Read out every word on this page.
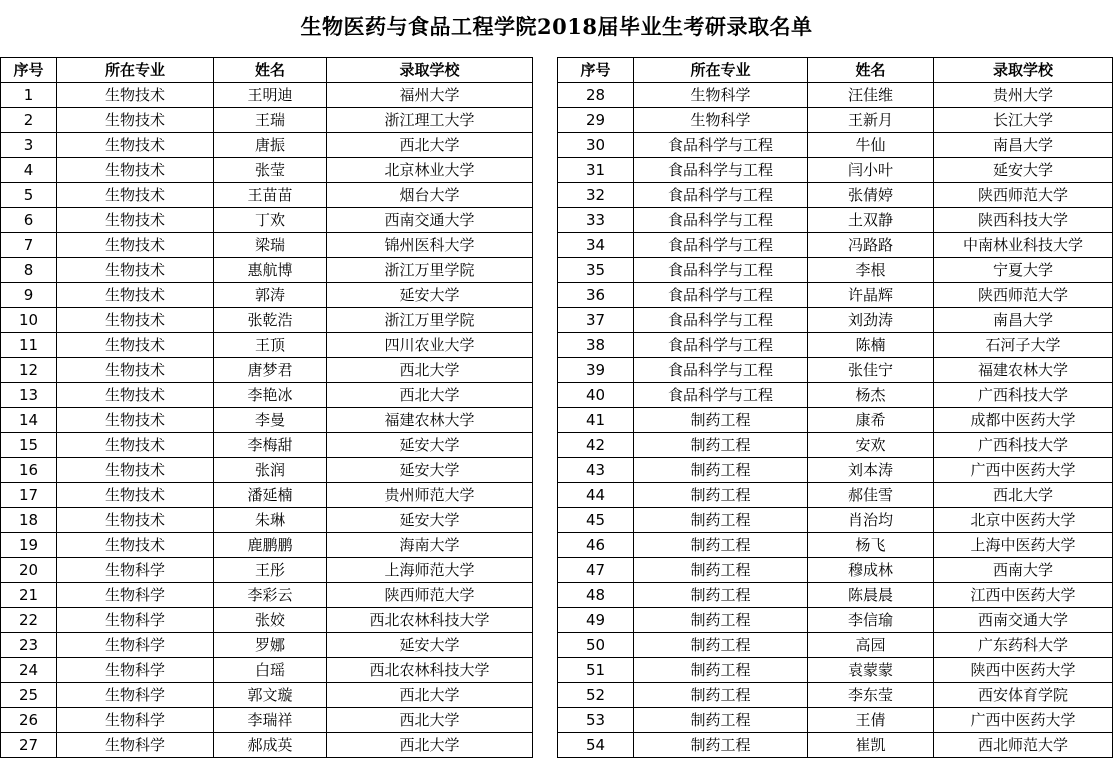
生物医药与食品工程学院2018届毕业生考研录取名单
序号	所在专业	姓名	录取学校
1	生物技术	王明迪	福州大学
2	生物技术	王瑞	浙江理工大学
3	生物技术	唐振	西北大学
4	生物技术	张莹	北京林业大学
5	生物技术	王苗苗	烟台大学
6	生物技术	丁欢	西南交通大学
7	生物技术	梁瑞	锦州医科大学
8	生物技术	惠航博	浙江万里学院
9	生物技术	郭涛	延安大学
10	生物技术	张乾浩	浙江万里学院
11	生物技术	王顶	四川农业大学
12	生物技术	唐梦君	西北大学
13	生物技术	李艳冰	西北大学
14	生物技术	李曼	福建农林大学
15	生物技术	李梅甜	延安大学
16	生物技术	张润	延安大学
17	生物技术	潘延楠	贵州师范大学
18	生物技术	朱琳	延安大学
19	生物技术	鹿鹏鹏	海南大学
20	生物科学	王彤	上海师范大学
21	生物科学	李彩云	陕西师范大学
22	生物科学	张姣	西北农林科技大学
23	生物科学	罗娜	延安大学
24	生物科学	白瑶	西北农林科技大学
25	生物科学	郭文璇	西北大学
26	生物科学	李瑞祥	西北大学
27	生物科学	郝成英	西北大学
序号	所在专业	姓名	录取学校
28	生物科学	汪佳维	贵州大学
29	生物科学	王新月	长江大学
30	食品科学与工程	牛仙	南昌大学
31	食品科学与工程	闫小叶	延安大学
32	食品科学与工程	张倩婷	陕西师范大学
33	食品科学与工程	土双静	陕西科技大学
34	食品科学与工程	冯路路	中南林业科技大学
35	食品科学与工程	李根	宁夏大学
36	食品科学与工程	许晶辉	陕西师范大学
37	食品科学与工程	刘劲涛	南昌大学
38	食品科学与工程	陈楠	石河子大学
39	食品科学与工程	张佳宁	福建农林大学
40	食品科学与工程	杨杰	广西科技大学
41	制药工程	康希	成都中医药大学
42	制药工程	安欢	广西科技大学
43	制药工程	刘本涛	广西中医药大学
44	制药工程	郝佳雪	西北大学
45	制药工程	肖治均	北京中医药大学
46	制药工程	杨飞	上海中医药大学
47	制药工程	穆成林	西南大学
48	制药工程	陈晨晨	江西中医药大学
49	制药工程	李信瑜	西南交通大学
50	制药工程	高园	广东药科大学
51	制药工程	袁蒙蒙	陕西中医药大学
52	制药工程	李东莹	西安体育学院
53	制药工程	王倩	广西中医药大学
54	制药工程	崔凯	西北师范大学
